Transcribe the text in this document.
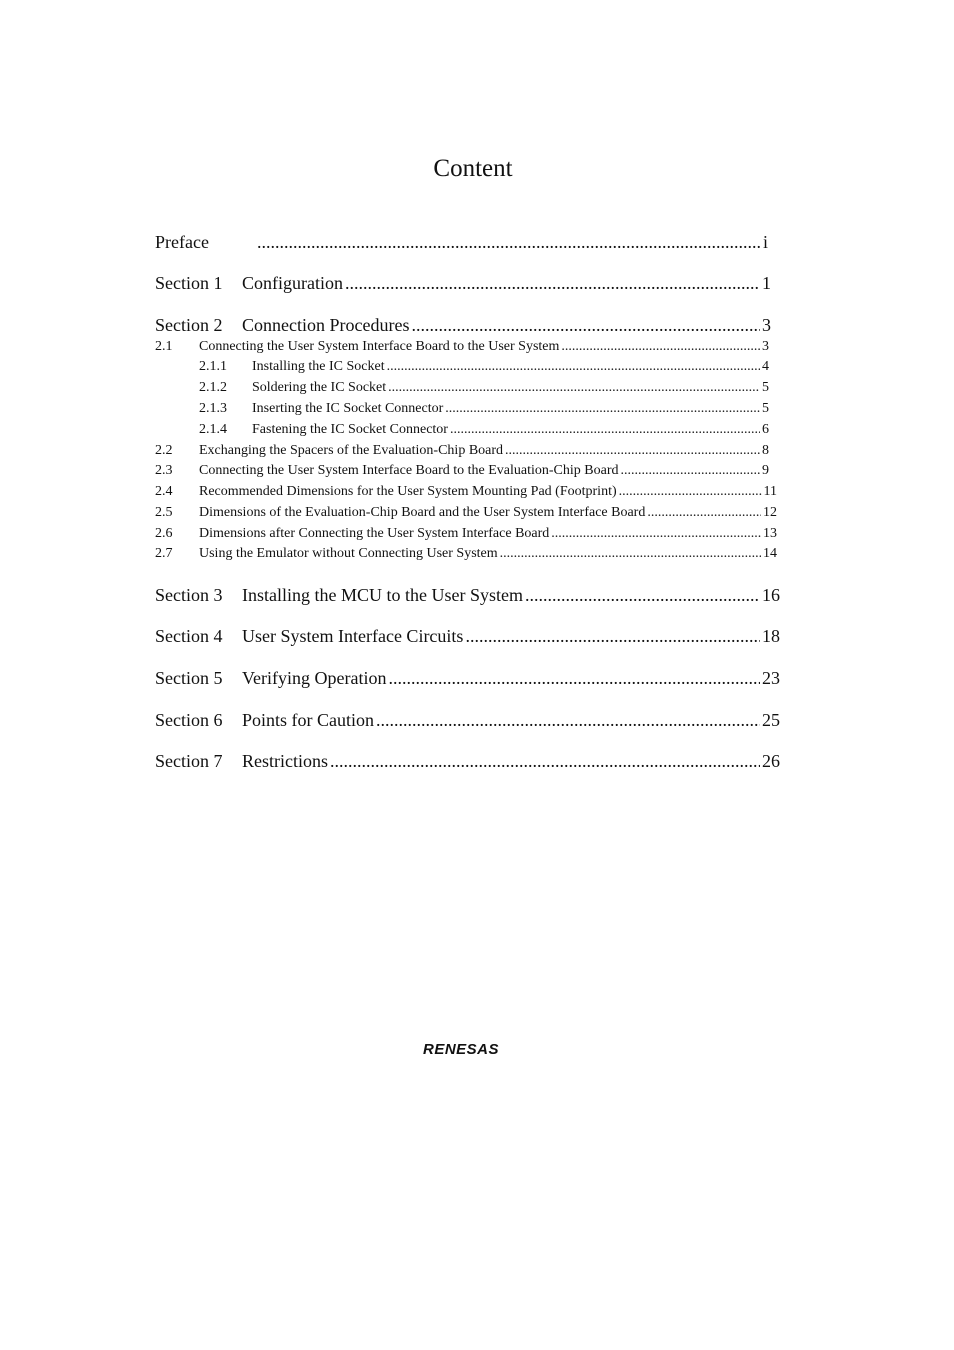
Content
Preface .....	i
Section 1	Configuration .....	1
Section 2	Connection Procedures .....	3
2.1	Connecting the User System Interface Board to the User System .....	3
2.1.1	Installing the IC Socket .....	4
2.1.2	Soldering the IC Socket .....	5
2.1.3	Inserting the IC Socket Connector .....	5
2.1.4	Fastening the IC Socket Connector .....	6
2.2	Exchanging the Spacers of the Evaluation-Chip Board .....	8
2.3	Connecting the User System Interface Board to the Evaluation-Chip Board .....	9
2.4	Recommended Dimensions for the User System Mounting Pad (Footprint) .....	11
2.5	Dimensions of the Evaluation-Chip Board and the User System Interface Board .....	12
2.6	Dimensions after Connecting the User System Interface Board .....	13
2.7	Using the Emulator without Connecting User System .....	14
Section 3	Installing the MCU to the User System .....	16
Section 4	User System Interface Circuits .....	18
Section 5	Verifying Operation .....	23
Section 6	Points for Caution .....	25
Section 7	Restrictions .....	26
RENESAS
